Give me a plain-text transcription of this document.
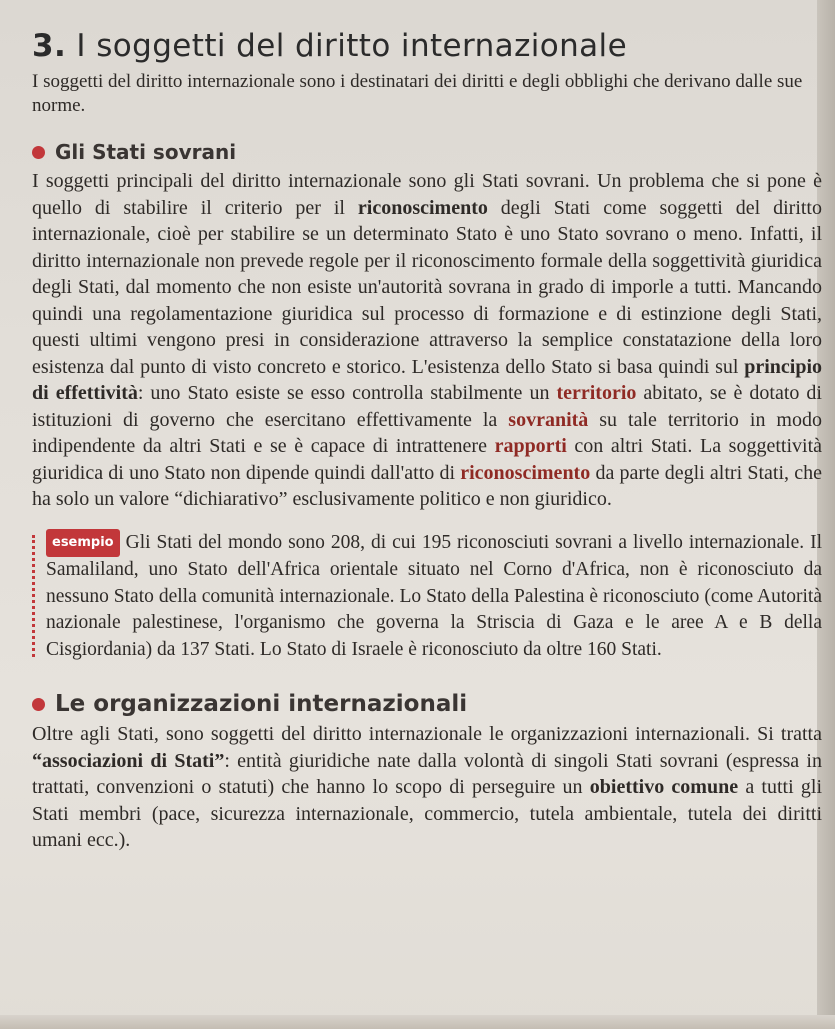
3. I soggetti del diritto internazionale

I soggetti del diritto internazionale sono i destinatari dei diritti e degli obblighi che derivano dalle sue norme.

Gli Stati sovrani

I soggetti principali del diritto internazionale sono gli Stati sovrani. Un problema che si pone è quello di stabilire il criterio per il riconoscimento degli Stati come soggetti del diritto internazionale, cioè per stabilire se un determinato Stato è uno Stato sovrano o meno. Infatti, il diritto internazionale non prevede regole per il riconoscimento formale della soggettività giuridica degli Stati, dal momento che non esiste un'autorità sovrana in grado di imporle a tutti. Mancando quindi una regolamentazione giuridica sul processo di formazione e di estinzione degli Stati, questi ultimi vengono presi in considerazione attraverso la semplice constatazione della loro esistenza dal punto di visto concreto e storico. L'esistenza dello Stato si basa quindi sul principio di effettività: uno Stato esiste se esso controlla stabilmente un territorio abitato, se è dotato di istituzioni di governo che esercitano effettivamente la sovranità su tale territorio in modo indipendente da altri Stati e se è capace di intrattenere rapporti con altri Stati. La soggettività giuridica di uno Stato non dipende quindi dall'atto di riconoscimento da parte degli altri Stati, che ha solo un valore “dichiarativo” esclusivamente politico e non giuridico.

esempio Gli Stati del mondo sono 208, di cui 195 riconosciuti sovrani a livello internazionale. Il Samaliland, uno Stato dell'Africa orientale situato nel Corno d'Africa, non è riconosciuto da nessuno Stato della comunità internazionale. Lo Stato della Palestina è riconosciuto (come Autorità nazionale palestinese, l'organismo che governa la Striscia di Gaza e le aree A e B della Cisgiordania) da 137 Stati. Lo Stato di Israele è riconosciuto da oltre 160 Stati.
Le organizzazioni internazionali

Oltre agli Stati, sono soggetti del diritto internazionale le organizzazioni internazionali. Si tratta “associazioni di Stati”: entità giuridiche nate dalla volontà di singoli Stati sovrani (espressa in trattati, convenzioni o statuti) che hanno lo scopo di perseguire un obiettivo comune a tutti gli Stati membri (pace, sicurezza internazionale, commercio, tutela ambientale, tutela dei diritti umani ecc.).
